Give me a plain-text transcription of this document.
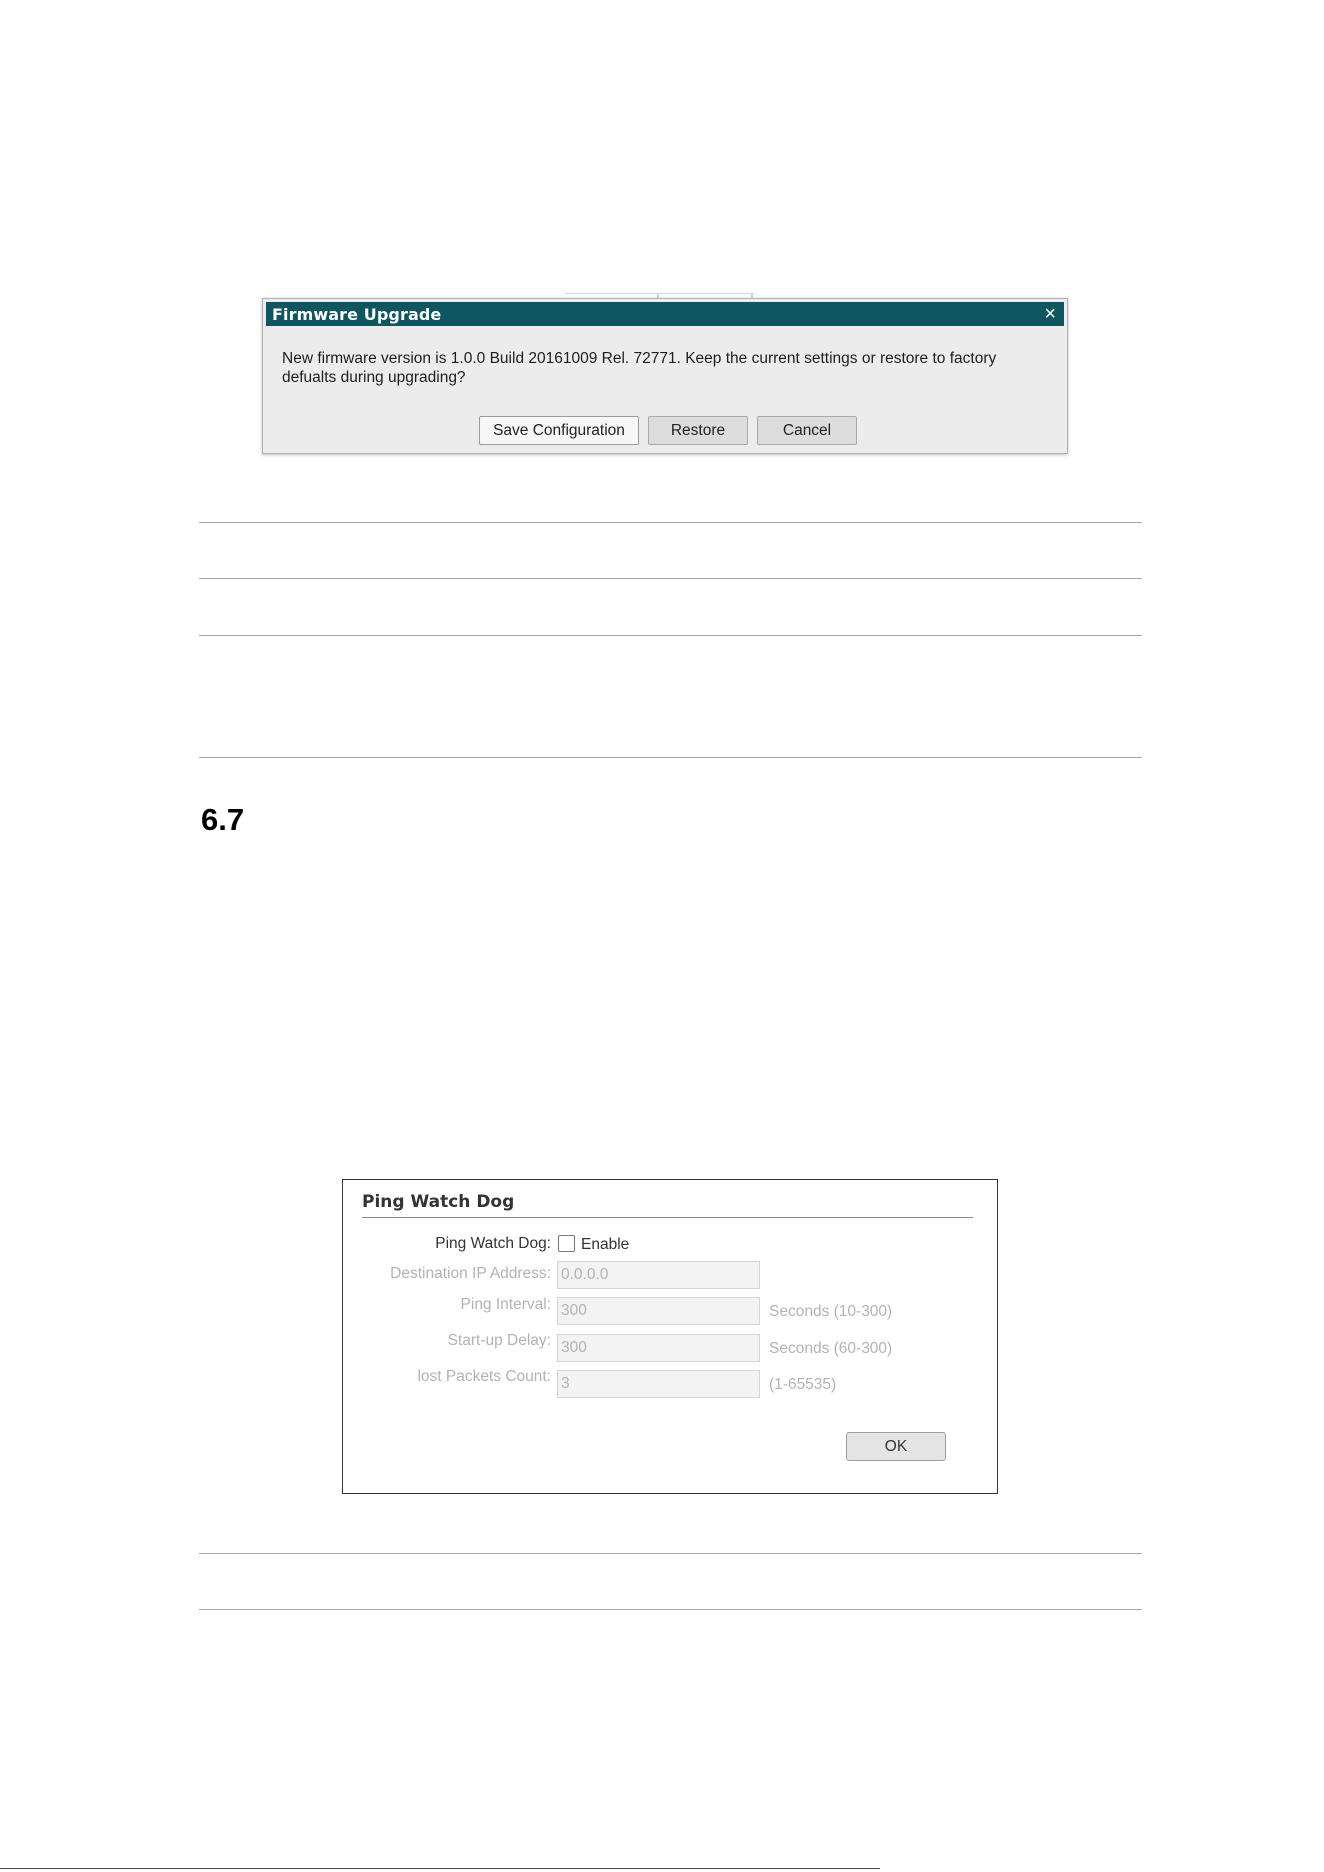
Firmware Upgrade	×
New firmware version is 1.0.0 Build 20161009 Rel. 72771. Keep the current settings or restore to factory defualts during upgrading?
Save Configuration	Restore	Cancel
6.7
Ping Watch Dog
Ping Watch Dog: Enable
Destination IP Address:
0.0.0.0
Ping Interval:
300	Seconds (10-300)
Start-up Delay:
300	Seconds (60-300)
lost Packets Count:
3	(1-65535)
OK
